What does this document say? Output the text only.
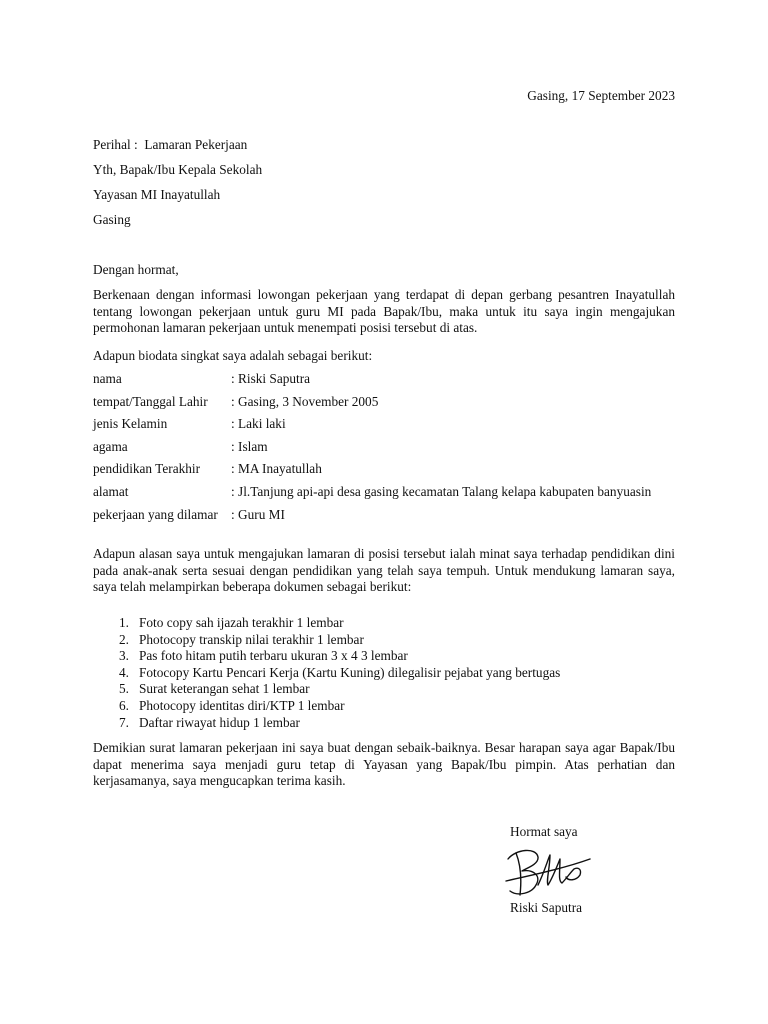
Gasing, 17 September 2023
Perihal :  Lamaran Pekerjaan
Yth, Bapak/Ibu Kepala Sekolah
Yayasan MI Inayatullah
Gasing
Dengan hormat,
Berkenaan dengan informasi lowongan pekerjaan yang terdapat di depan gerbang pesantren Inayatullah tentang lowongan pekerjaan untuk guru MI pada Bapak/Ibu, maka untuk itu saya ingin mengajukan permohonan lamaran pekerjaan untuk menempati posisi tersebut di atas.
Adapun biodata singkat saya adalah sebagai berikut:
nama	: Riski Saputra
tempat/Tanggal Lahir	: Gasing, 3 November 2005
jenis Kelamin	: Laki laki
agama	: Islam
pendidikan Terakhir	: MA Inayatullah
alamat	: Jl.Tanjung api-api desa gasing kecamatan Talang kelapa kabupaten banyuasin
pekerjaan yang dilamar	: Guru MI
Adapun alasan saya untuk mengajukan lamaran di posisi tersebut ialah minat saya terhadap pendidikan dini pada anak-anak serta sesuai dengan pendidikan yang telah saya tempuh. Untuk mendukung lamaran saya, saya telah melampirkan beberapa dokumen sebagai berikut:
1. Foto copy sah ijazah terakhir 1 lembar
2. Photocopy transkip nilai terakhir 1 lembar
3. Pas foto hitam putih terbaru ukuran 3 x 4 3 lembar
4. Fotocopy Kartu Pencari Kerja (Kartu Kuning) dilegalisir pejabat yang bertugas
5. Surat keterangan sehat 1 lembar
6. Photocopy identitas diri/KTP 1 lembar
7. Daftar riwayat hidup 1 lembar
Demikian surat lamaran pekerjaan ini saya buat dengan sebaik-baiknya. Besar harapan saya agar Bapak/Ibu dapat menerima saya menjadi guru tetap di Yayasan yang Bapak/Ibu pimpin. Atas perhatian dan kerjasamanya, saya mengucapkan terima kasih.
Hormat saya
Riski Saputra
